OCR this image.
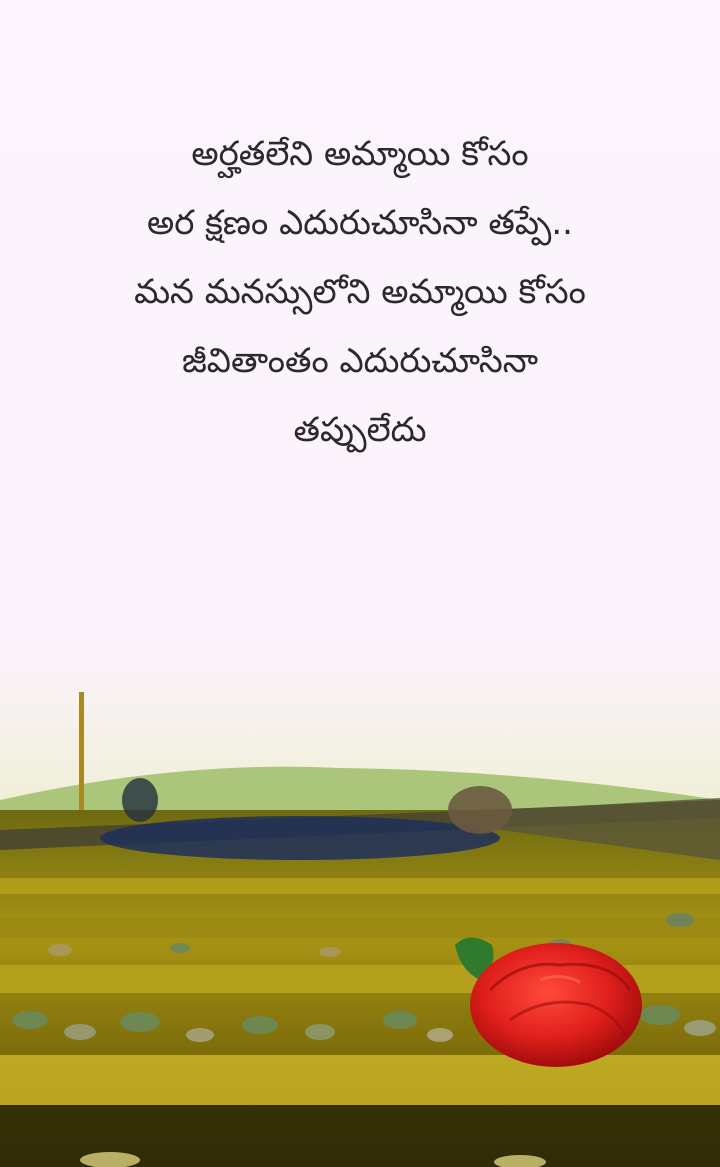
అర్హతలేని అమ్మాయి కోసం
అర క్షణం ఎదురుచూసినా తప్పే..
మన మనస్సులోని అమ్మాయి కోసం
జీవితాంతం ఎదురుచూసినా
తప్పులేదు
